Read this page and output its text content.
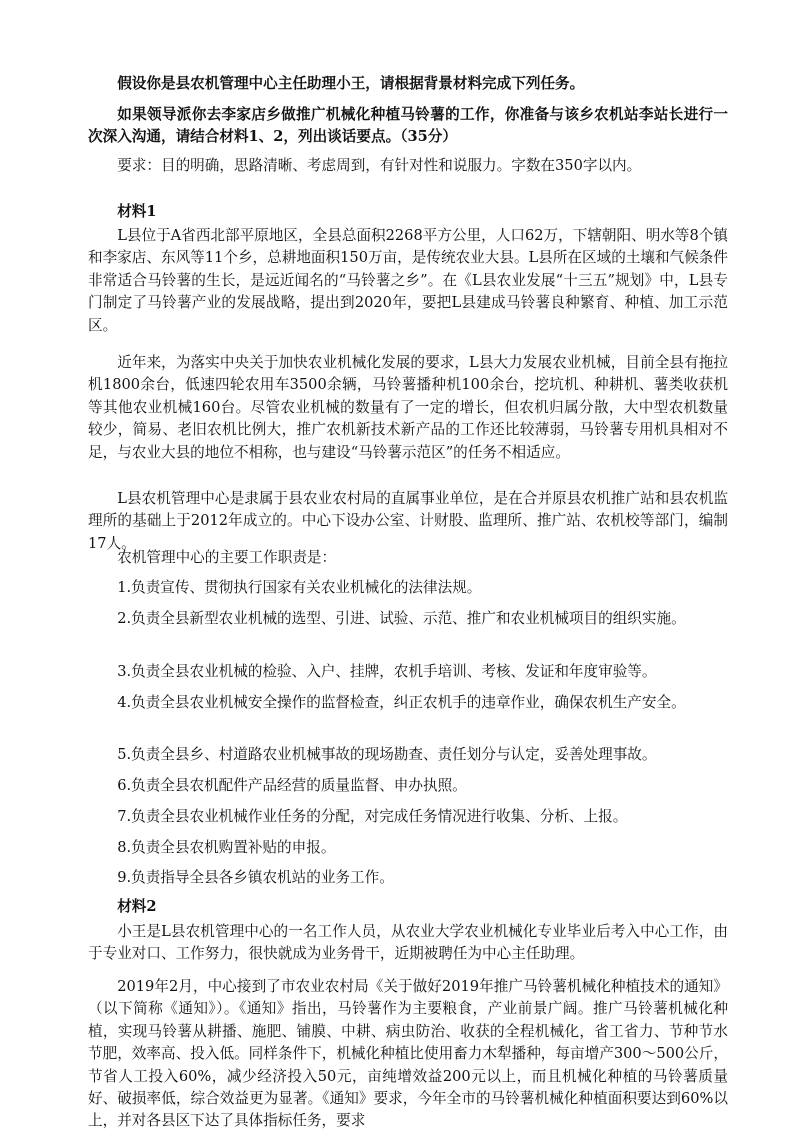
假设你是县农机管理中心主任助理小王，请根据背景材料完成下列任务。

如果领导派你去李家店乡做推广机械化种植马铃薯的工作，你准备与该乡农机站李站长进行一次深入沟通，请结合材料1、2，列出谈话要点。（35分）

要求：目的明确，思路清晰、考虑周到，有针对性和说服力。字数在350字以内。

材料1

L县位于A省西北部平原地区，全县总面积2268平方公里，人口62万，下辖朝阳、明水等8个镇和李家店、东风等11个乡，总耕地面积150万亩，是传统农业大县。L县所在区域的土壤和气候条件非常适合马铃薯的生长，是远近闻名的“马铃薯之乡”。在《L县农业发展“十三五”规划》中，L县专门制定了马铃薯产业的发展战略，提出到2020年，要把L县建成马铃薯良种繁育、种植、加工示范区。

近年来，为落实中央关于加快农业机械化发展的要求，L县大力发展农业机械，目前全县有拖拉机1800余台，低速四轮农用车3500余辆，马铃薯播种机100余台，挖坑机、种耕机、薯类收获机等其他农业机械160台。尽管农业机械的数量有了一定的增长，但农机归属分散，大中型农机数量较少，简易、老旧农机比例大，推广农机新技术新产品的工作还比较薄弱，马铃薯专用机具相对不足，与农业大县的地位不相称，也与建设“马铃薯示范区”的任务不相适应。

L县农机管理中心是隶属于县农业农村局的直属事业单位，是在合并原县农机推广站和县农机监理所的基础上于2012年成立的。中心下设办公室、计财股、监理所、推广站、农机校等部门，编制17人。

农机管理中心的主要工作职责是：

1.负责宣传、贯彻执行国家有关农业机械化的法律法规。

2.负责全县新型农业机械的选型、引进、试验、示范、推广和农业机械项目的组织实施。

3.负责全县农业机械的检验、入户、挂牌，农机手培训、考核、发证和年度审验等。

4.负责全县农业机械安全操作的监督检查，纠正农机手的违章作业，确保农机生产安全。

5.负责全县乡、村道路农业机械事故的现场勘查、责任划分与认定，妥善处理事故。

6.负责全县农机配件产品经营的质量监督、申办执照。

7.负责全县农业机械作业任务的分配，对完成任务情况进行收集、分析、上报。

8.负责全县农机购置补贴的申报。

9.负责指导全县各乡镇农机站的业务工作。

材料2

小王是L县农机管理中心的一名工作人员，从农业大学农业机械化专业毕业后考入中心工作，由于专业对口、工作努力，很快就成为业务骨干，近期被聘任为中心主任助理。

2019年2月，中心接到了市农业农村局《关于做好2019年推广马铃薯机械化种植技术的通知》（以下简称《通知》）。《通知》指出，马铃薯作为主要粮食，产业前景广阔。推广马铃薯机械化种植，实现马铃薯从耕播、施肥、铺膜、中耕、病虫防治、收获的全程机械化，省工省力、节种节水节肥，效率高、投入低。同样条件下，机械化种植比使用畜力木犁播种，每亩增产300～500公斤，节省人工投入60%，减少经济投入50元，亩纯增效益200元以上，而且机械化种植的马铃薯质量好、破损率低，综合效益更为显著。《通知》要求，今年全市的马铃薯机械化种植面积要达到60%以上，并对各县区下达了具体指标任务，要求
